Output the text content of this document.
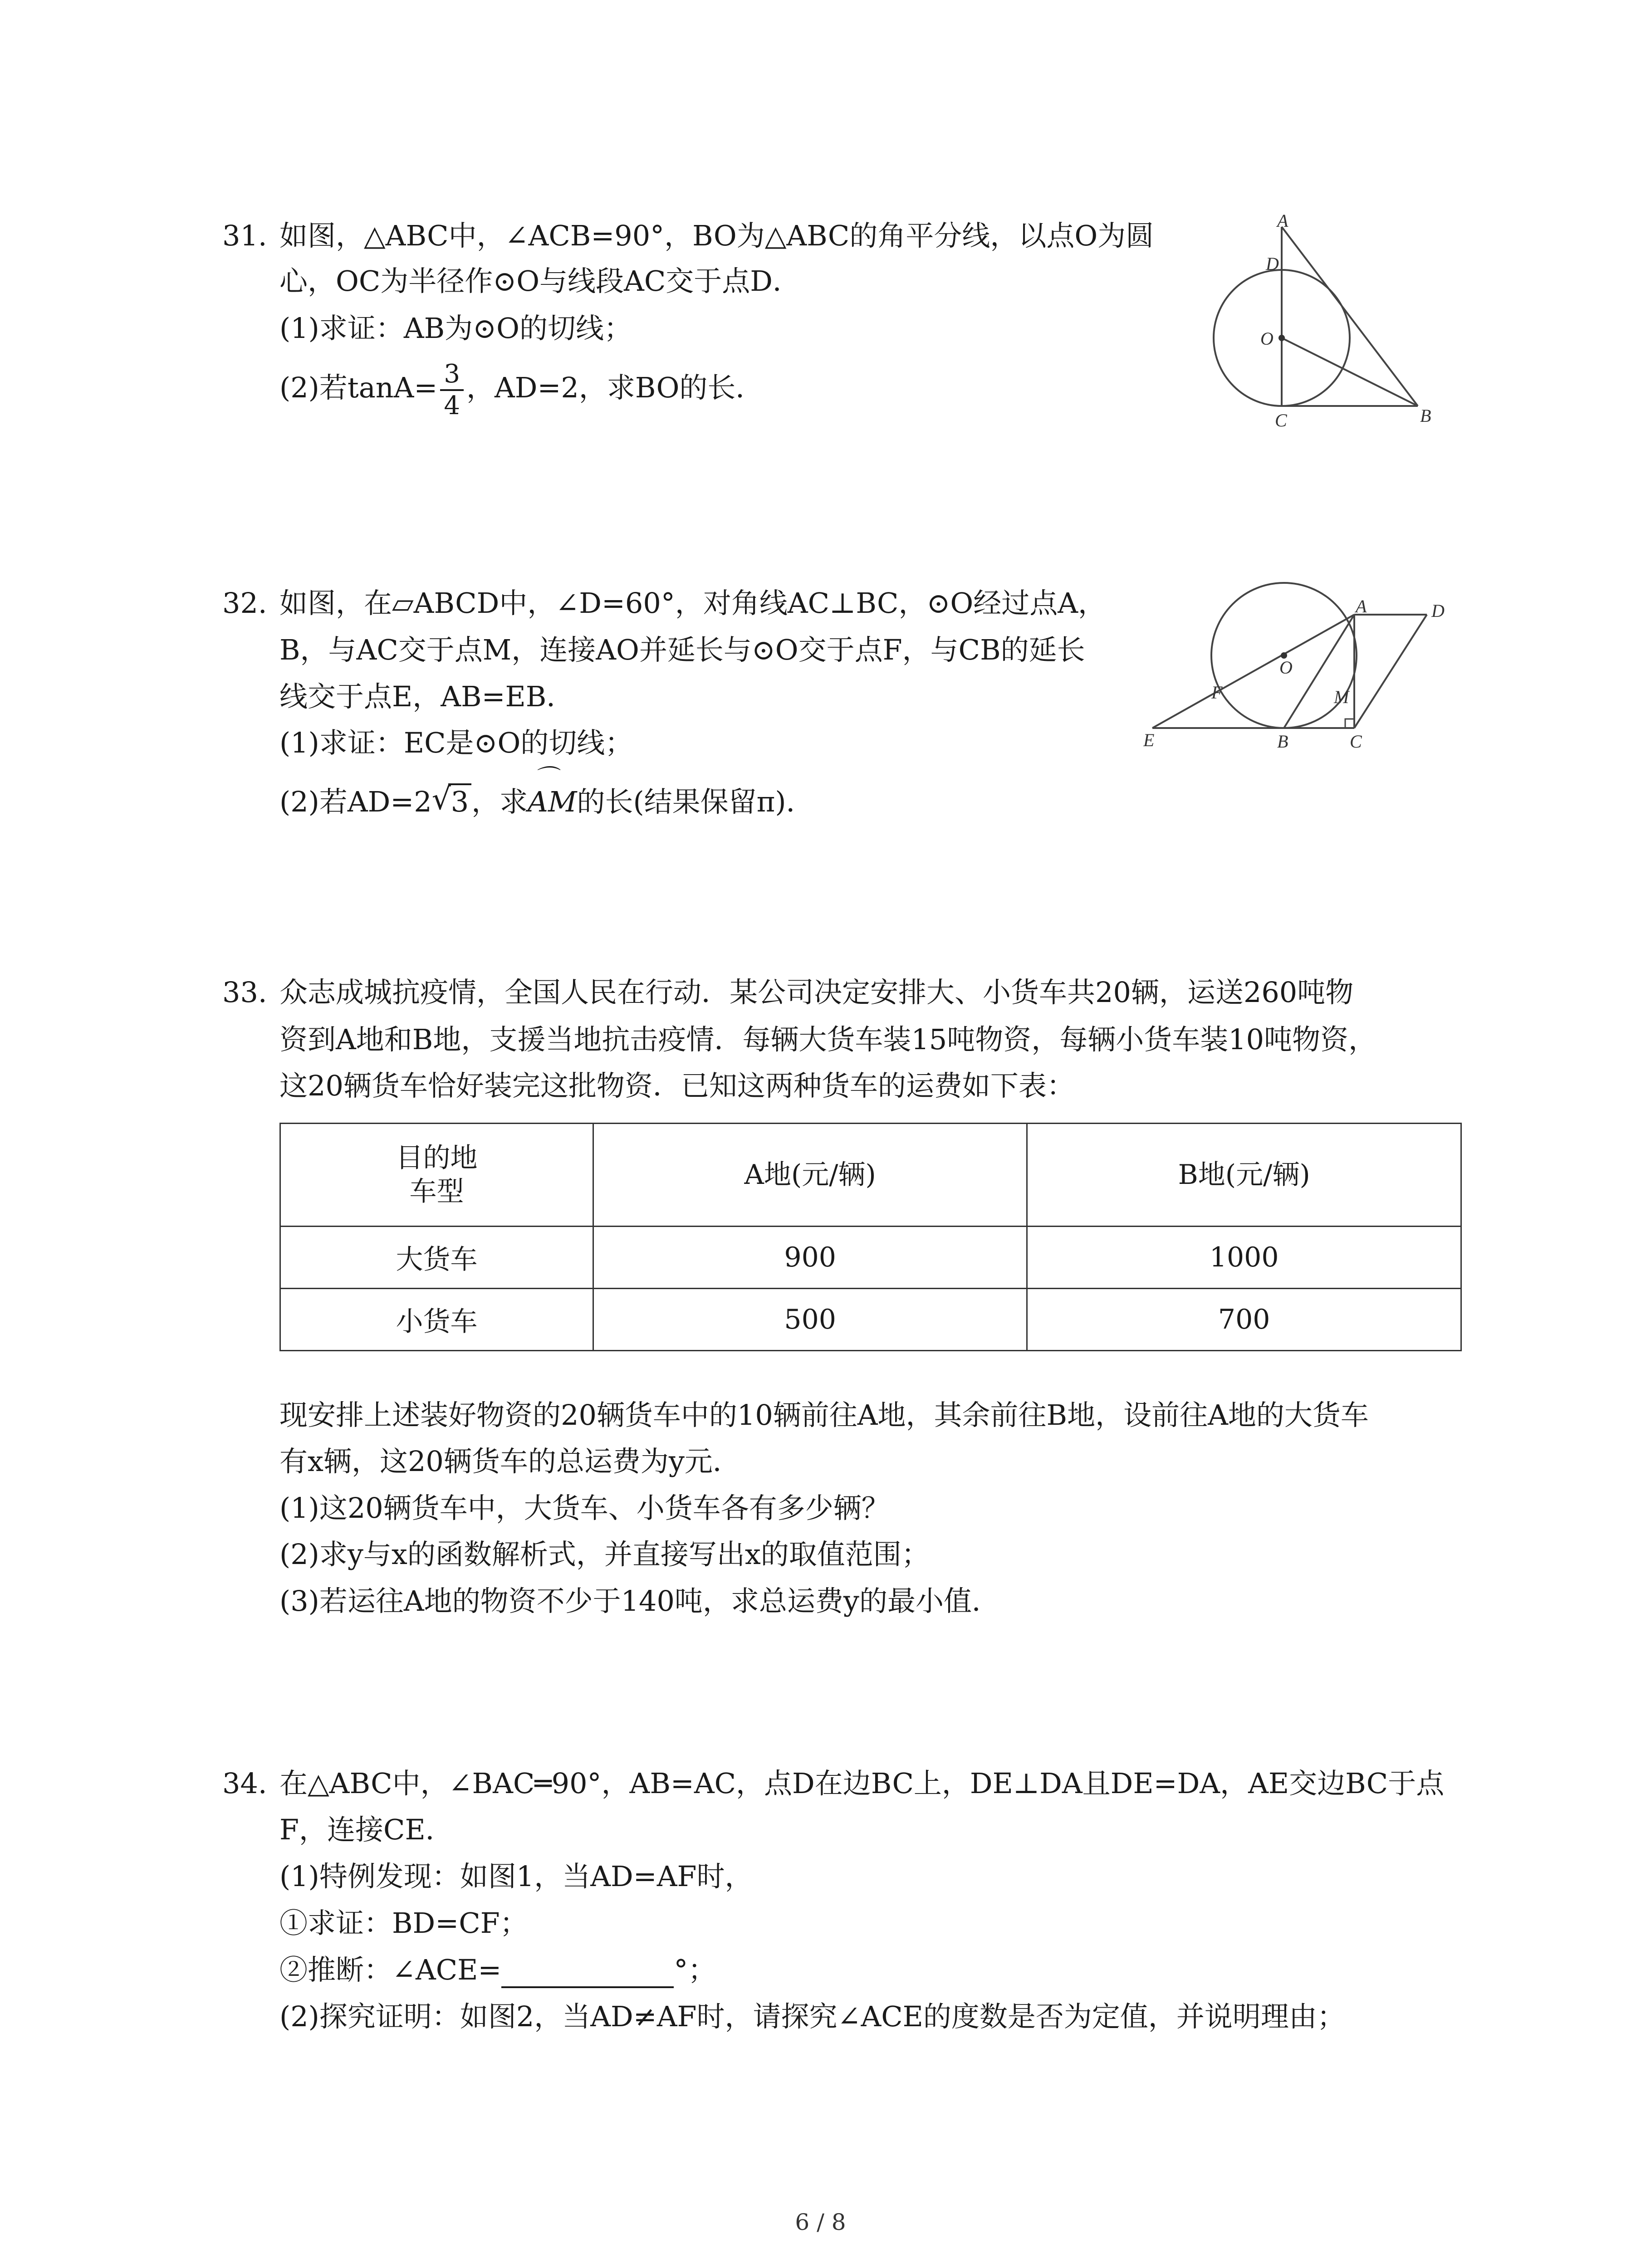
31. 如图，△ABC中，∠ACB=90°，BO为△ABC的角平分线，以点O为圆
心，OC为半径作⊙O与线段AC交于点D．
(1)求证：AB为⊙O的切线；
(2)若$\tan A= \frac{3}{4}$ ，AD=2，求BO的长．
A
D
O
C	B
32. 如图，在▱ABCD中，∠D=60°，对角线AC⊥BC，⊙O经过点A，
B，与AC交于点M，连接AO并延长与⊙O交于点F，与CB的延长
线交于点E，AB=EB．
(1)求证：EC是⊙O的切线；
(2)若AD=2 √ 3，求⌒ AM的长(结果保留π)．
A	D
O
F	M
E	B	C
33. 众志成城抗疫情，全国人民在行动．某公司决定安排大、小货车共20辆，运送260吨物
资到A地和B地，支援当地抗击疫情．每辆大货车装15吨物资，每辆小货车装10吨物资，
这20辆货车恰好装完这批物资．已知这两种货车的运费如下表：
目的地
车型	A地(元/辆)	B地(元/辆)
大货车	900	1000
小货车	500	700
现安排上述装好物资的20辆货车中的10辆前往A地，其余前往B地，设前往A地的大货车
有x辆，这20辆货车的总运费为y元．
(1)这20辆货车中，大货车、小货车各有多少辆？
(2)求y与x的函数解析式，并直接写出x的取值范围；
(3)若运往A地的物资不少于140吨，求总运费y的最小值．
34. 在△ABC中，∠BAC═90°，AB=AC，点D在边BC上，DE⊥DA且DE=DA，AE交边BC于点
F，连接CE．
(1)特例发现：如图1，当AD=AF时，
①求证：BD=CF；
②推断：∠ACE=	°；
(2)探究证明：如图2，当AD≠AF时，请探究∠ACE的度数是否为定值，并说明理由；
6 / 8
